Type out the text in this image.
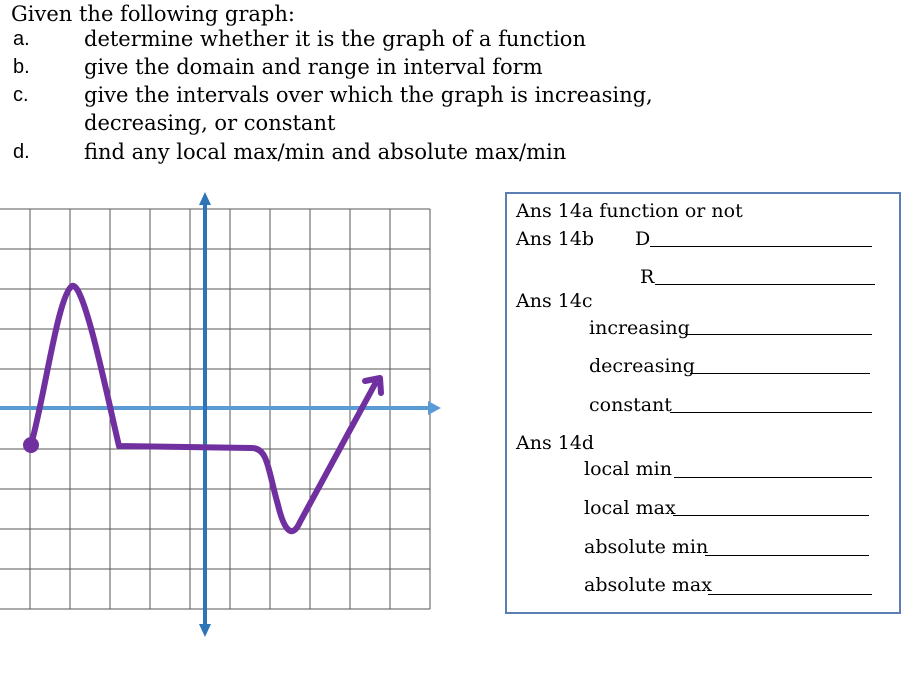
Given the following graph:
a.	determine whether it is the graph of a function
b.	give the domain and range in interval form
c.	give the intervals over which the graph is increasing,
decreasing, or constant
d.	find any local max/min and absolute max/min
Ans 14a function or not
Ans 14b D
R
Ans 14c
increasing
decreasing
constant
Ans 14d
local min
local max
absolute min
absolute max
